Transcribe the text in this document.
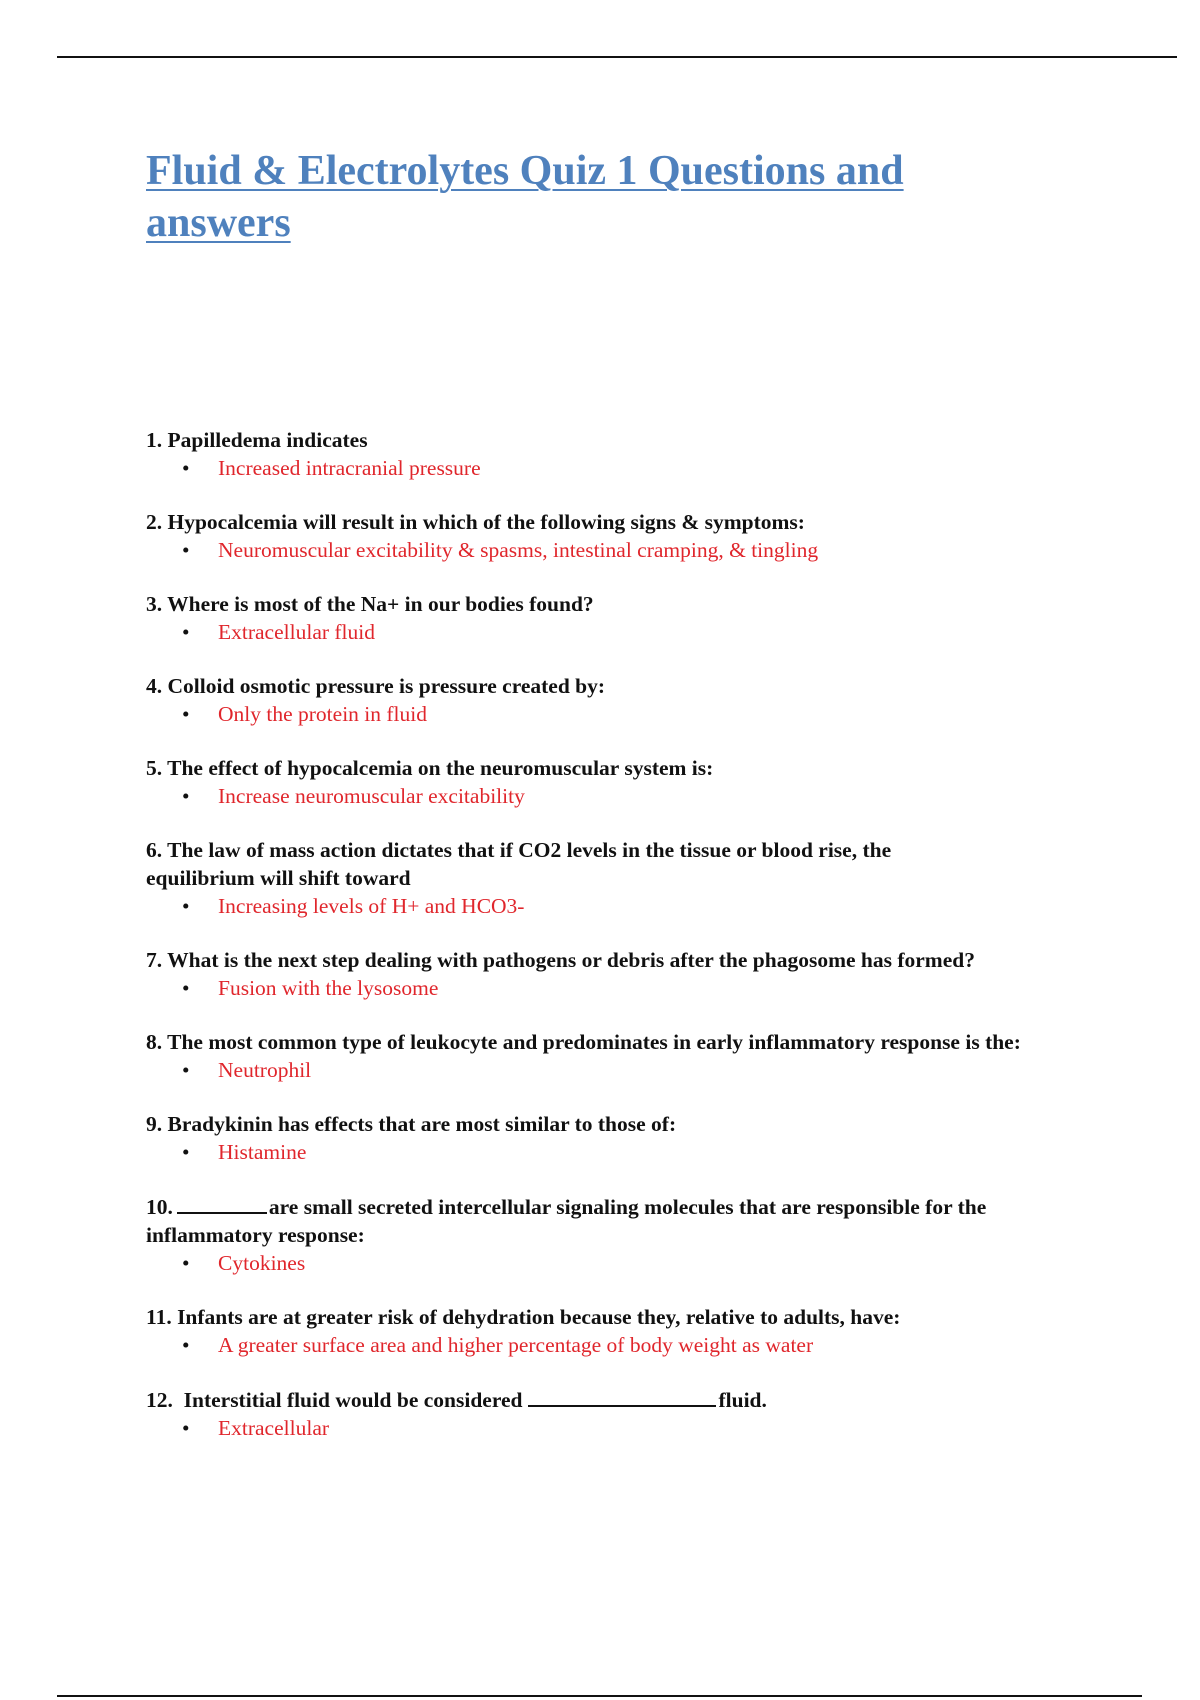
Fluid & Electrolytes Quiz 1 Questions and answers

1. Papilledema indicates

• Increased intracranial pressure

2. Hypocalcemia will result in which of the following signs & symptoms:

• Neuromuscular excitability & spasms, intestinal cramping, & tingling

3. Where is most of the Na+ in our bodies found?

• Extracellular fluid

4. Colloid osmotic pressure is pressure created by:

• Only the protein in fluid

5. The effect of hypocalcemia on the neuromuscular system is:

• Increase neuromuscular excitability

6. The law of mass action dictates that if CO2 levels in the tissue or blood rise, the equilibrium will shift toward

• Increasing levels of H+ and HCO3-

7. What is the next step dealing with pathogens or debris after the phagosome has formed?

• Fusion with the lysosome

8. The most common type of leukocyte and predominates in early inflammatory response is the:

• Neutrophil

9. Bradykinin has effects that are most similar to those of:

• Histamine

10.	are small secreted intercellular signaling molecules that are responsible for the inflammatory response:

• Cytokines

11. Infants are at greater risk of dehydration because they, relative to adults, have:

• A greater surface area and higher percentage of body weight as water

12.  Interstitial fluid would be considered	fluid.

• Extracellular
